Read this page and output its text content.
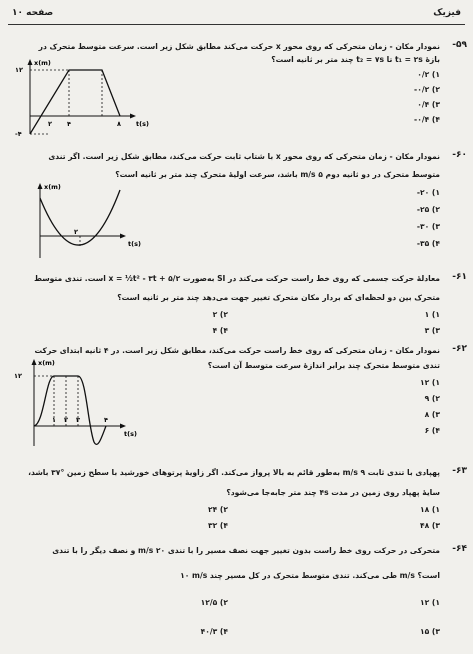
فیزیک
صفحه ۱۰
-۵۹
نمودار مکان - زمان متحرکی که روی محور x حرکت می‌کند مطابق شکل زیر است. سرعت متوسط متحرک در
بازهٔ t₁ = ۲s تا t₂ = ۷s چند متر بر ثانیه است؟
۰/۲ (۱
-۰/۲ (۲
۰/۴ (۳
-۰/۴ (۴
x(m)
t(s)
۱۲
-۴
۲ ۴	۸
-۶۰
نمودار مکان - زمان متحرکی که روی محور x با شتاب ثابت حرکت می‌کند، مطابق شکل زیر است. اگر تندی
متوسط متحرک در دو ثانیه دوم ۵ m/s باشد، سرعت اولیهٔ متحرک چند متر بر ثانیه است؟
-۲۰ (۱
-۲۵ (۲
-۳۰ (۳
-۳۵ (۴
x(m)
t(s)
۲
-۶۱
معادلهٔ حرکت جسمی که روی خط راست حرکت می‌کند در SI به‌صورت x = ½t² - ۳t + ۵/۲ است. تندی متوسط
متحرک بین دو لحظه‌ای که بردار مکان متحرک تغییر جهت می‌دهد چند متر بر ثانیه است؟
۱ (۱
۲ (۲
۳ (۳
۴ (۴
-۶۲
نمودار مکان - زمان متحرکی که روی خط راست حرکت می‌کند، مطابق شکل زیر است. در ۴ ثانیه ابتدای حرکت
تندی متوسط متحرک چند برابر اندازهٔ سرعت متوسط آن است؟
۱۲ (۱
۹ (۲
۸ (۳
۶ (۴
x(m)
t(s)
۱۲
۱ ۲ ۳	۴
-۶۳
پهپادی با تندی ثابت ۹ m/s به‌طور قائم به بالا پرواز می‌کند. اگر زاویهٔ پرتوهای خورشید با سطح زمین °۳۷ باشد،
سایهٔ پهپاد روی زمین در مدت ۴s چند متر جابه‌جا می‌شود؟
۱۸ (۱
۲۴ (۲
۴۸ (۳
۳۲ (۴
-۶۴
متحرکی در حرکت روی خط راست بدون تغییر جهت نصف مسیر را با تندی ۲۰ m/s و نصف دیگر را با تندی
۱۰ m/s طی می‌کند. تندی متوسط متحرک در کل مسیر چند m/s است؟
۱۲ (۱
۱۲/۵ (۲
۱۵ (۳
۴۰/۳ (۴
